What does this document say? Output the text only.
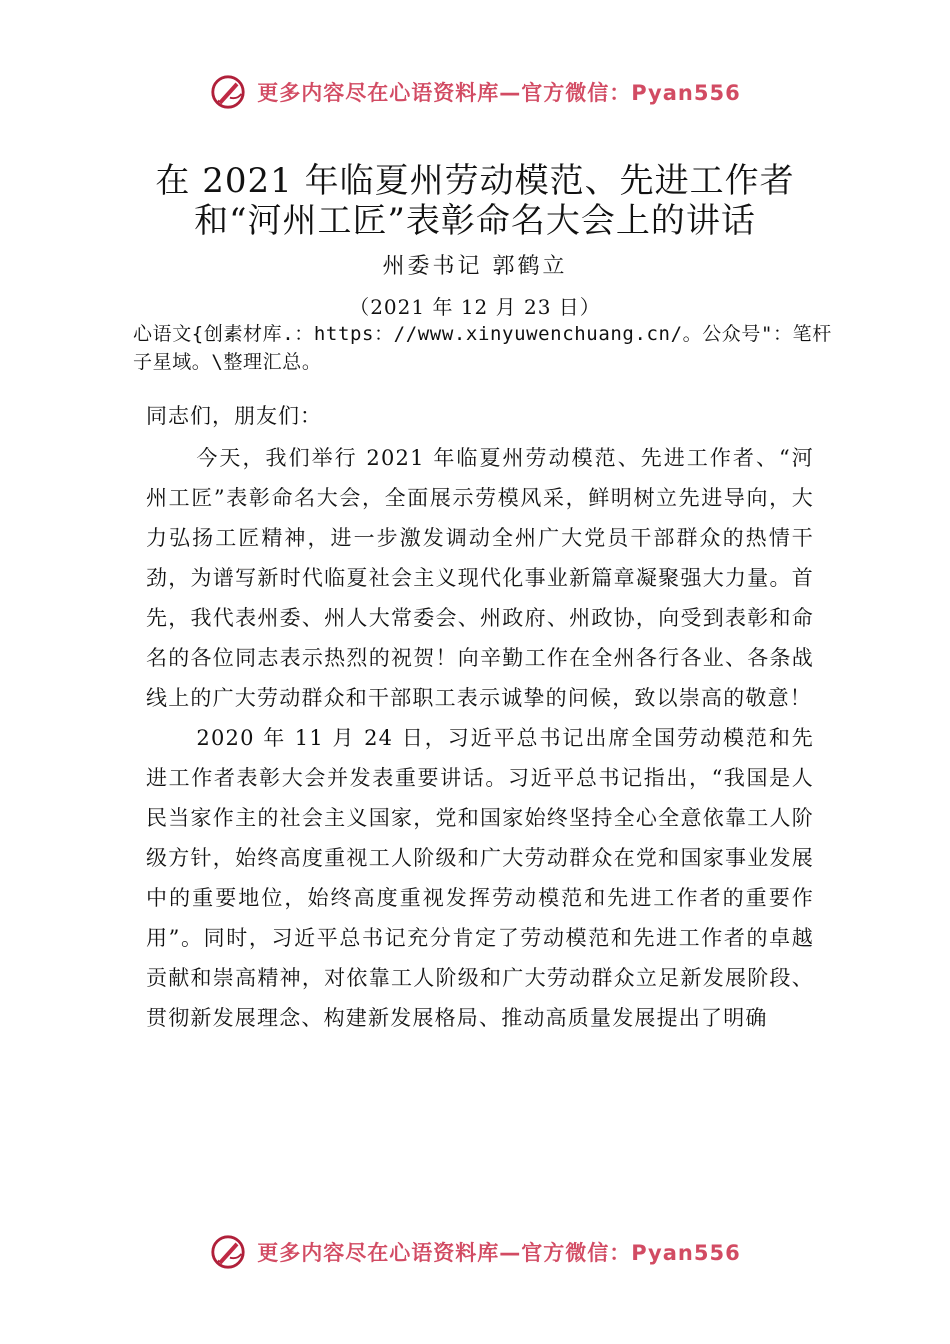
更多内容尽在心语资料库—官方微信：Pyan556
在 2021 年临夏州劳动模范、先进工作者
和“河州工匠”表彰命名大会上的讲话
州委书记 郭鹤立
（2021 年 12 月 23 日）
心语文{创素材库.：https：//www.xinyuwenchuang.cn/。公众号"：笔杆子星域。\整理汇总。
同志们，朋友们：

今天，我们举行 2021 年临夏州劳动模范、先进工作者、“河州工匠”表彰命名大会，全面展示劳模风采，鲜明树立先进导向，大力弘扬工匠精神，进一步激发调动全州广大党员干部群众的热情干劲，为谱写新时代临夏社会主义现代化事业新篇章凝聚强大力量。首先，我代表州委、州人大常委会、州政府、州政协，向受到表彰和命名的各位同志表示热烈的祝贺！向辛勤工作在全州各行各业、各条战线上的广大劳动群众和干部职工表示诚挚的问候，致以崇高的敬意！

2020 年 11 月 24 日，习近平总书记出席全国劳动模范和先进工作者表彰大会并发表重要讲话。习近平总书记指出，“我国是人民当家作主的社会主义国家，党和国家始终坚持全心全意依靠工人阶级方针，始终高度重视工人阶级和广大劳动群众在党和国家事业发展中的重要地位，始终高度重视发挥劳动模范和先进工作者的重要作用”。同时，习近平总书记充分肯定了劳动模范和先进工作者的卓越贡献和崇高精神，对依靠工人阶级和广大劳动群众立足新发展阶段、贯彻新发展理念、构建新发展格局、推动高质量发展提出了明确

更多内容尽在心语资料库—官方微信：Pyan556
